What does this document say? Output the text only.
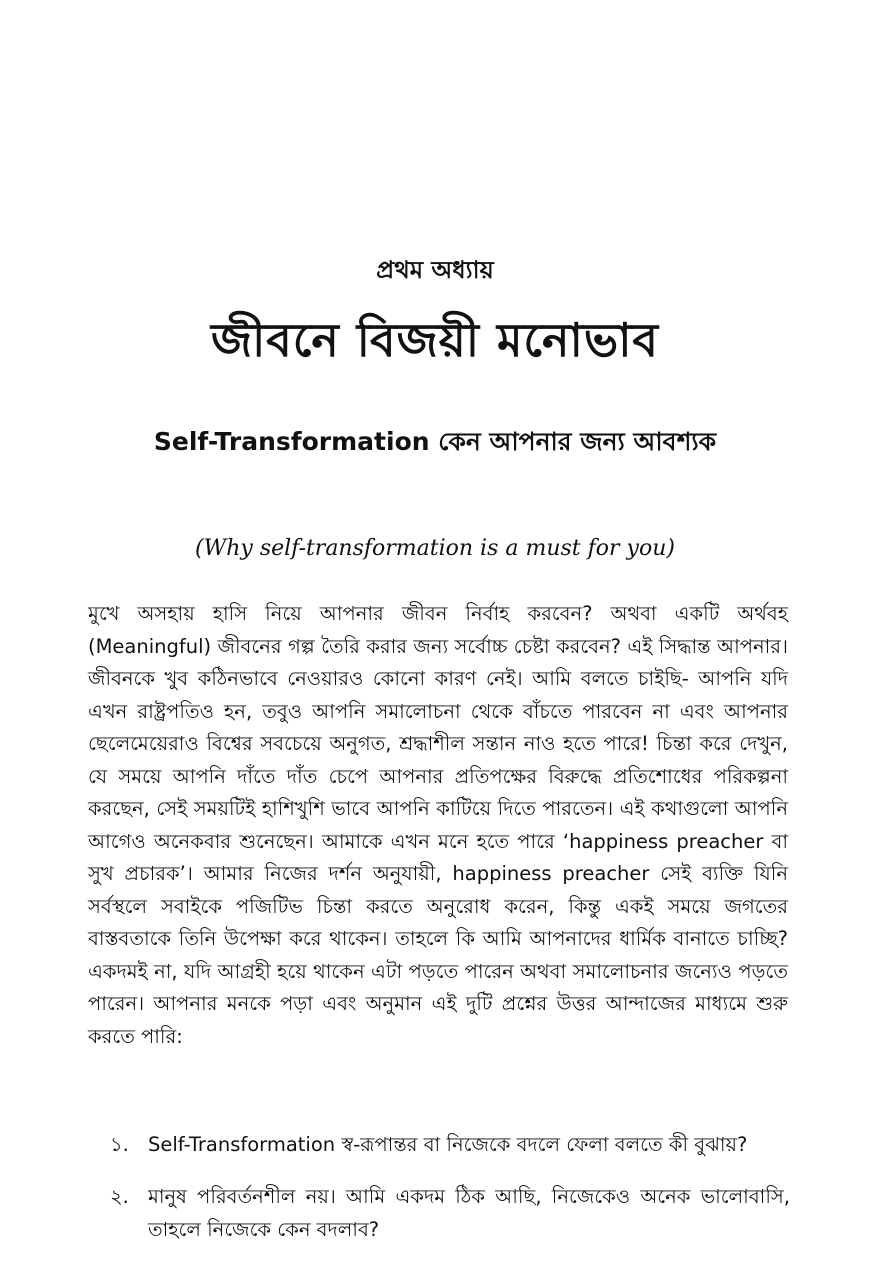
প্রথম অধ্যায়
জীবনে বিজয়ী মনোভাব
Self-Transformation কেন আপনার জন্য আবশ্যক
(Why self-transformation is a must for you)

মুখে অসহায় হাসি নিয়ে আপনার জীবন নির্বাহ করবেন? অথবা একটি অর্থবহ (Meaningful) জীবনের গল্প তৈরি করার জন্য সর্বোচ্চ চেষ্টা করবেন? এই সিদ্ধান্ত আপনার। জীবনকে খুব কঠিনভাবে নেওয়ারও কোনো কারণ নেই। আমি বলতে চাইছি- আপনি যদি এখন রাষ্ট্রপতিও হন, তবুও আপনি সমালোচনা থেকে বাঁচতে পারবেন না এবং আপনার ছেলেমেয়েরাও বিশ্বের সবচেয়ে অনুগত, শ্রদ্ধাশীল সন্তান নাও হতে পারে! চিন্তা করে দেখুন, যে সময়ে আপনি দাঁতে দাঁত চেপে আপনার প্রতিপক্ষের বিরুদ্ধে প্রতিশোধের পরিকল্পনা করছেন, সেই সময়টিই হাশিখুশি ভাবে আপনি কাটিয়ে দিতে পারতেন। এই কথাগুলো আপনি আগেও অনেকবার শুনেছেন। আমাকে এখন মনে হতে পারে ‘happiness preacher বা সুখ প্রচারক’। আমার নিজের দর্শন অনুযায়ী, happiness preacher সেই ব্যক্তি যিনি সর্বস্থলে সবাইকে পজিটিভ চিন্তা করতে অনুরোধ করেন, কিন্তু একই সময়ে জগতের বাস্তবতাকে তিনি উপেক্ষা করে থাকেন। তাহলে কি আমি আপনাদের ধার্মিক বানাতে চাচ্ছি? একদমই না, যদি আগ্রহী হয়ে থাকেন এটা পড়তে পারেন অথবা সমালোচনার জন্যেও পড়তে পারেন। আপনার মনকে পড়া এবং অনুমান এই দুটি প্রশ্নের উত্তর আন্দাজের মাধ্যমে শুরু করতে পারি:

১. Self-Transformation স্ব-রূপান্তর বা নিজেকে বদলে ফেলা বলতে কী বুঝায়?
২. মানুষ পরিবর্তনশীল নয়। আমি একদম ঠিক আছি, নিজেকেও অনেক ভালোবাসি, তাহলে নিজেকে কেন বদলাব?
